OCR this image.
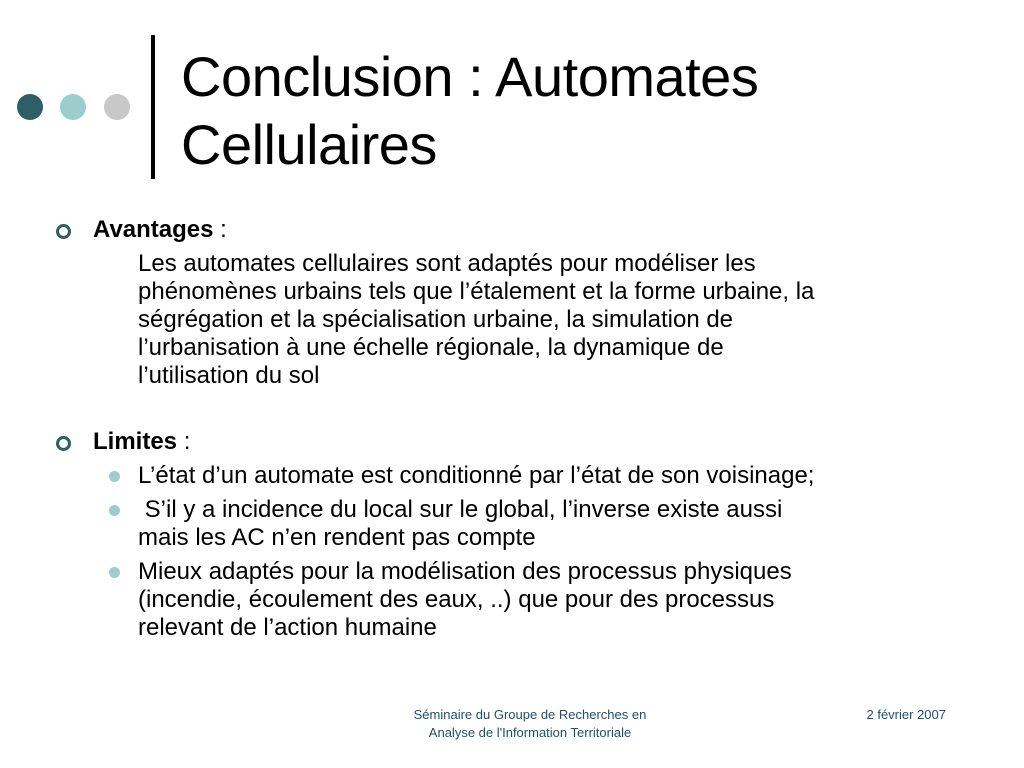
Conclusion : Automates
Cellulaires
Avantages :
Les automates cellulaires sont adaptés pour modéliser les
phénomènes urbains tels que l’étalement et la forme urbaine, la
ségrégation et la spécialisation urbaine, la simulation de
l’urbanisation à une échelle régionale, la dynamique de
l’utilisation du sol
Limites :
L’état d’un automate est conditionné par l’état de son voisinage;
S’il y a incidence du local sur le global, l’inverse existe aussi
mais les AC n’en rendent pas compte
Mieux adaptés pour la modélisation des processus physiques
(incendie, écoulement des eaux, ..) que pour des processus
relevant de l’action humaine
Séminaire du Groupe de Recherches en
Analyse de l'Information Territoriale
2 février 2007
